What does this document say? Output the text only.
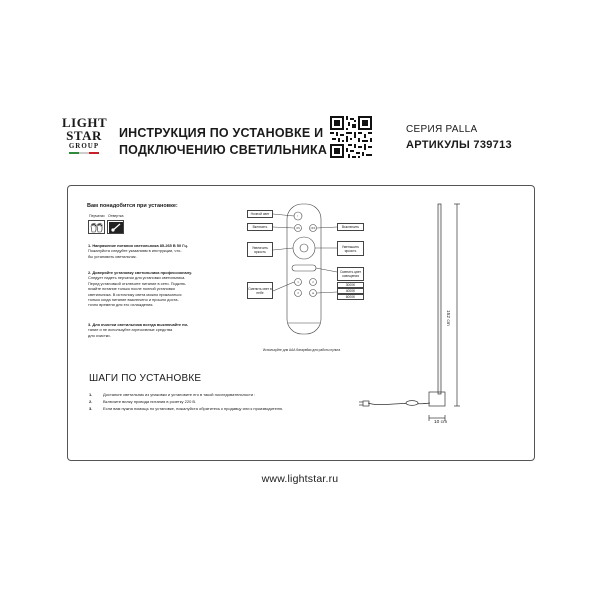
LIGHT
STAR
GROUP
ИНСТРУКЦИЯ ПО УСТАНОВКЕ И
ПОДКЛЮЧЕНИЮ СВЕТИЛЬНИКА
СЕРИЯ PALLA
АРТИКУЛЫ 739713
Вам понадобится при установке:
Перчатки Отвертка
1. Напряжение питания светильника 85-265 В 50 Гц.
Пожалуйста следуйте указаниям в инструкции, что-
бы установить светильник.
2. Доверяйте установку светильника профессионалу.
Следует надеть перчатки для установки светильника.
Перед установкой отключите питание в сети. Подклю-
ючайте питание только после полной установки
светильника. В источнику света можно прикасаться
только когда питание выключено и прошло доста-
точно времени для его охлаждения.
3. Для очистки светильника всегда выключайте пи-
тание и не используйте агрессивные средства
для очистки.
☾
ON	OFF
1	2
3	⊕
Ночной свет
Включить
Увеличить яркость
Выключить
Уменьшить яркость
Сменить цвет освещения
3000K
4000K
6000K
Сменить свет в небе
Используйте для ААА батарейки для работы пульта
152 cm
10 cm
ШАГИ ПО УСТАНОВКЕ
1.	Достаньте светильник из упаковки и установите его в такой последовательности :
2.	Включите вилку провода питания в розетку 220 В.
3.	Если вам нужна помощь по установке, пожалуйста обратитесь к продавцу или к производителю.
www.lightstar.ru
